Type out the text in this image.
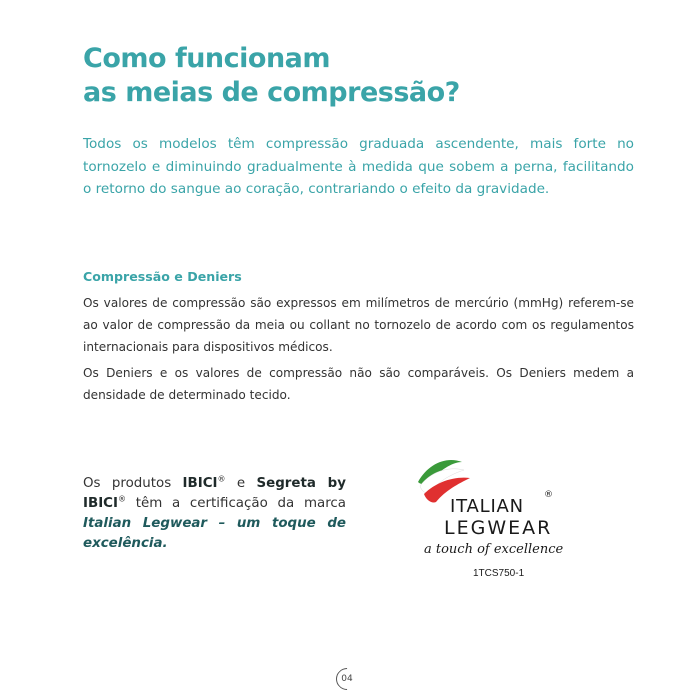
Como funcionam
as meias de compressão?

Todos os modelos têm compressão graduada ascendente, mais forte no tornozelo e diminuindo gradualmente à medida que sobem a perna, facilitando o retorno do sangue ao coração, contrariando o efeito da gravidade.

Compressão e Deniers

Os valores de compressão são expressos em milímetros de mercúrio (mmHg) referem-se ao valor de compressão da meia ou collant no tornozelo de acordo com os regulamentos internacionais para dispositivos médicos.

Os Deniers e os valores de compressão não são comparáveis. Os Deniers medem a densidade de determinado tecido.

Os produtos IBICI® e Segreta by IBICI® têm a certificação da marca Italian Legwear – um toque de excelência.

ITALIAN
®
LEGWEAR
a touch of excellence
1TCS750-1
04
